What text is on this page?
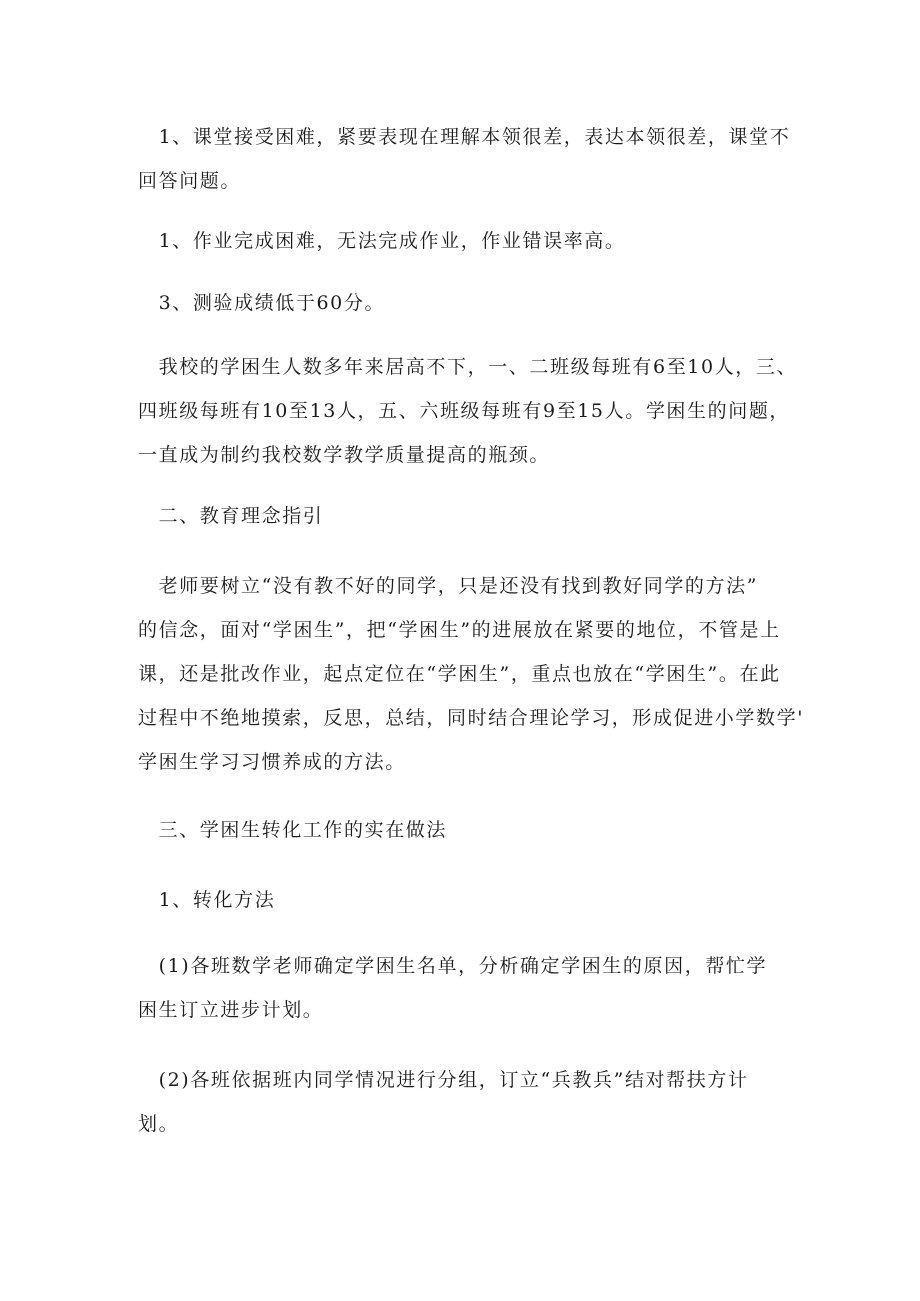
　1、课堂接受困难，紧要表现在理解本领很差，表达本领很差，课堂不
回答问题。

　1、作业完成困难，无法完成作业，作业错误率高。

　3、测验成绩低于60分。

　我校的学困生人数多年来居高不下，一、二班级每班有6至10人，三、
四班级每班有10至13人，五、六班级每班有9至15人。学困生的问题，
一直成为制约我校数学教学质量提高的瓶颈。

　二、教育理念指引

　老师要树立“没有教不好的同学，只是还没有找到教好同学的方法”
的信念，面对“学困生”，把“学困生”的进展放在紧要的地位，不管是上
课，还是批改作业，起点定位在“学困生”，重点也放在“学困生”。在此
过程中不绝地摸索，反思，总结，同时结合理论学习，形成促进小学数学'
学困生学习习惯养成的方法。

　三、学困生转化工作的实在做法

　1、转化方法

　(1)各班数学老师确定学困生名单，分析确定学困生的原因，帮忙学
困生订立进步计划。

　(2)各班依据班内同学情况进行分组，订立“兵教兵”结对帮扶方计
划。
